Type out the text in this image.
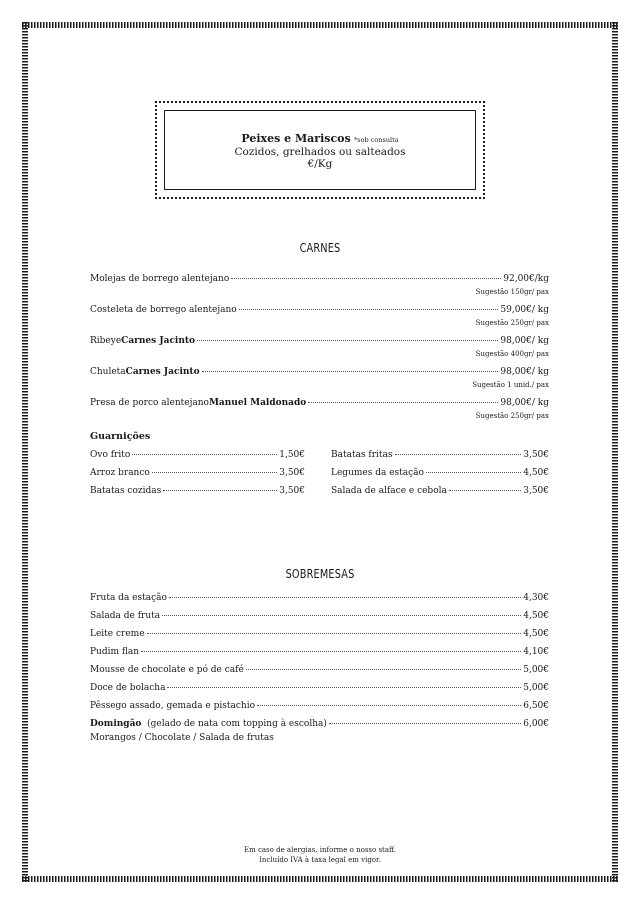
Peixes e Mariscos *sob consulta
Cozidos, grelhados ou salteados
€/Kg
CARNES
Molejas de borrego alentejano	92,00€/kg
Sugestão 150gr/ pax
Costeleta de borrego alentejano	59,00€/ kg
Sugestão 250gr/ pax
Ribeye Carnes Jacinto	98,00€/ kg
Sugestão 400gr/ pax
Chuleta Carnes Jacinto	98,00€/ kg
Sugestão 1 unid./ pax
Presa de porco alentejano Manuel Maldonado	98,00€/ kg
Sugestão 250gr/ pax
Guarnições
Ovo frito	1,50€
Arroz branco	3,50€
Batatas cozidas	3,50€
Batatas fritas	3,50€
Legumes da estação	4,50€
Salada de alface e cebola	3,50€
SOBREMESAS
Fruta da estação	4,30€
Salada de fruta	4,50€
Leite creme	4,50€
Pudim flan	4,10€
Mousse de chocolate e pó de café	5,00€
Doce de bolacha	5,00€
Pêssego assado, gemada e pistachio	6,50€
Domingão (gelado de nata com topping à escolha)	6,00€
Morangos / Chocolate / Salada de frutas
Em caso de alergias, informe o nosso staff.
Incluído IVA à taxa legal em vigor.
